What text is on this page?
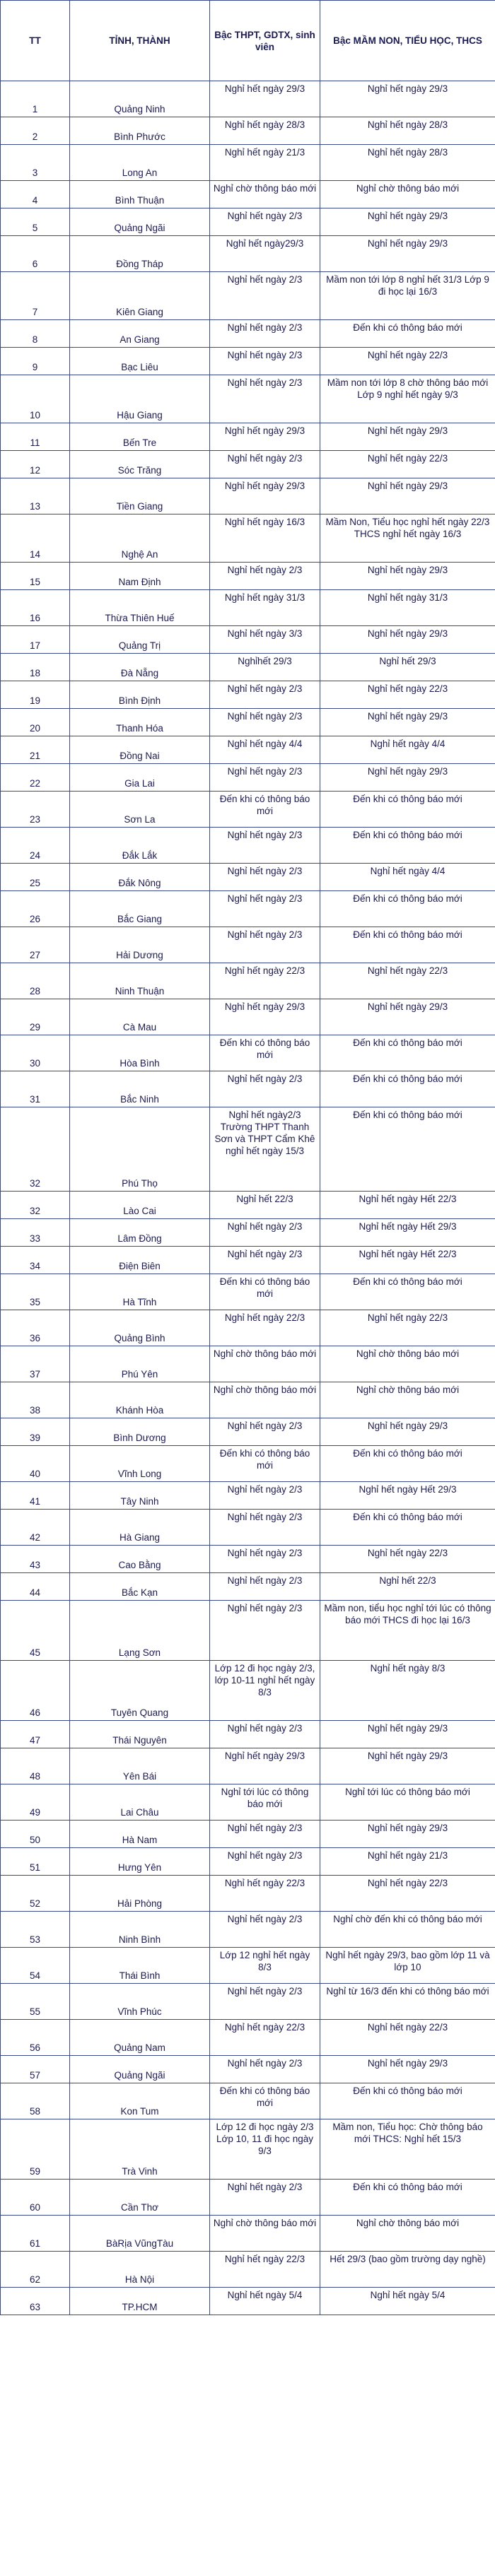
TT	TỈNH, THÀNH	Bậc THPT, GDTX, sinh viên	Bậc MẦM NON, TIỂU HỌC, THCS
1	Quảng Ninh	Nghỉ hết ngày 29/3	Nghỉ hết ngày 29/3
2	Bình Phước	Nghỉ hết ngày 28/3	Nghỉ hết ngày 28/3
3	Long An	Nghỉ hết ngày 21/3	Nghỉ hết ngày 28/3
4	Bình Thuận	Nghỉ chờ thông báo mới	Nghỉ chờ thông báo mới
5	Quảng Ngãi	Nghỉ hết ngày 2/3	Nghỉ hết ngày 29/3
6	Đồng Tháp	Nghỉ hết ngày29/3	Nghỉ hết ngày 29/3
7	Kiên Giang	Nghỉ hết ngày 2/3	Mầm non tới lớp 8 nghỉ hết 31/3 Lớp 9 đi học lại 16/3
8	An Giang	Nghỉ hết ngày 2/3	Đến khi có thông báo mới
9	Bạc Liêu	Nghỉ hết ngày 2/3	Nghỉ hết ngày 22/3
10	Hậu Giang	Nghỉ hết ngày 2/3	Mầm non tới lớp 8 chờ thông báo mới Lớp 9 nghỉ hết ngày 9/3
11	Bến Tre	Nghỉ hết ngày 29/3	Nghỉ hết ngày 29/3
12	Sóc Trăng	Nghỉ hết ngày 2/3	Nghỉ hết ngày 22/3
13	Tiền Giang	Nghỉ hết ngày 29/3	Nghỉ hết ngày 29/3
14	Nghệ An	Nghỉ hết ngày 16/3	Mầm Non, Tiểu học nghỉ hết ngày 22/3 THCS nghỉ hết ngày 16/3
15	Nam Định	Nghỉ hết ngày 2/3	Nghỉ hết ngày 29/3
16	Thừa Thiên Huế	Nghỉ hết ngày 31/3	Nghỉ hết ngày 31/3
17	Quảng Trị	Nghỉ hết ngày 3/3	Nghỉ hết ngày 29/3
18	Đà Nẵng	Nghỉhết 29/3	Nghỉ hết 29/3
19	Bình Định	Nghỉ hết ngày 2/3	Nghỉ hết ngày 22/3
20	Thanh Hóa	Nghỉ hết ngày 2/3	Nghỉ hết ngày 29/3
21	Đồng Nai	Nghỉ hết ngày 4/4	Nghỉ hết ngày 4/4
22	Gia Lai	Nghỉ hết ngày 2/3	Nghỉ hết ngày 29/3
23	Sơn La	Đến khi có thông báo mới	Đến khi có thông báo mới
24	Đắk Lắk	Nghỉ hết ngày 2/3	Đến khi có thông báo mới
25	Đắk Nông	Nghỉ hết ngày 2/3	Nghỉ hết ngày 4/4
26	Bắc Giang	Nghỉ hết ngày 2/3	Đến khi có thông báo mới
27	Hải Dương	Nghỉ hết ngày 2/3	Đến khi có thông báo mới
28	Ninh Thuận	Nghỉ hết ngày 22/3	Nghỉ hết ngày 22/3
29	Cà Mau	Nghỉ hết ngày 29/3	Nghỉ hết ngày 29/3
30	Hòa Bình	Đến khi có thông báo mới	Đến khi có thông báo mới
31	Bắc Ninh	Nghỉ hết ngày 2/3	Đến khi có thông báo mới
32	Phú Thọ	Nghỉ hết ngày2/3 Trường THPT Thanh Sơn và THPT Cẩm Khê nghỉ hết ngày 15/3	Đến khi có thông báo mới
32	Lào Cai	Nghỉ hết 22/3	Nghỉ hết ngày Hết 22/3
33	Lâm Đồng	Nghỉ hết ngày 2/3	Nghỉ hết ngày Hết 29/3
34	Điện Biên	Nghỉ hết ngày 2/3	Nghỉ hết ngày Hết 22/3
35	Hà Tĩnh	Đến khi có thông báo mới	Đến khi có thông báo mới
36	Quảng Bình	Nghỉ hết ngày 22/3	Nghỉ hết ngày 22/3
37	Phú Yên	Nghỉ chờ thông báo mới	Nghỉ chờ thông báo mới
38	Khánh Hòa	Nghỉ chờ thông báo mới	Nghỉ chờ thông báo mới
39	Bình Dương	Nghỉ hết ngày 2/3	Nghỉ hết ngày 29/3
40	Vĩnh Long	Đến khi có thông báo mới	Đến khi có thông báo mới
41	Tây Ninh	Nghỉ hết ngày 2/3	Nghỉ hết ngày Hết 29/3
42	Hà Giang	Nghỉ hết ngày 2/3	Đến khi có thông báo mới
43	Cao Bằng	Nghỉ hết ngày 2/3	Nghỉ hết ngày 22/3
44	Bắc Kạn	Nghỉ hết ngày 2/3	Nghỉ hết 22/3
45	Lạng Sơn	Nghỉ hết ngày 2/3	Mầm non, tiểu học nghỉ tới lúc có thông báo mới THCS đi học lại 16/3
46	Tuyên Quang	Lớp 12 đi học ngày 2/3, lớp 10-11 nghỉ hết ngày 8/3	Nghỉ hết ngày 8/3
47	Thái Nguyên	Nghỉ hết ngày 2/3	Nghỉ hết ngày 29/3
48	Yên Bái	Nghỉ hết ngày 29/3	Nghỉ hết ngày 29/3
49	Lai Châu	Nghỉ tới lúc có thông báo mới	Nghỉ tới lúc có thông báo mới
50	Hà Nam	Nghỉ hết ngày 2/3	Nghỉ hết ngày 29/3
51	Hưng Yên	Nghỉ hết ngày 2/3	Nghỉ hết ngày 21/3
52	Hải Phòng	Nghỉ hết ngày 22/3	Nghỉ hết ngày 22/3
53	Ninh Bình	Nghỉ hết ngày 2/3	Nghỉ chờ đến khi có thông báo mới
54	Thái Bình	Lớp 12 nghỉ hết ngày 8/3	Nghỉ hết ngày 29/3, bao gồm lớp 11 và lớp 10
55	Vĩnh Phúc	Nghỉ hết ngày 2/3	Nghỉ từ 16/3 đến khi có thông báo mới
56	Quảng Nam	Nghỉ hết ngày 22/3	Nghỉ hết ngày 22/3
57	Quảng Ngãi	Nghỉ hết ngày 2/3	Nghỉ hết ngày 29/3
58	Kon Tum	Đến khi có thông báo mới	Đến khi có thông báo mới
59	Trà Vinh	Lớp 12 đi học ngày 2/3 Lớp 10, 11 đi học ngày 9/3	Mầm non, Tiểu học: Chờ thông báo mới THCS: Nghỉ hết 15/3
60	Cần Thơ	Nghỉ hết ngày 2/3	Đến khi có thông báo mới
61	BàRịa VũngTàu	Nghỉ chờ thông báo mới	Nghỉ chờ thông báo mới
62	Hà Nội	Nghỉ hết ngày 22/3	Hết 29/3 (bao gồm trường dạy nghề)
63	TP.HCM	Nghỉ hết ngày 5/4	Nghỉ hết ngày 5/4
